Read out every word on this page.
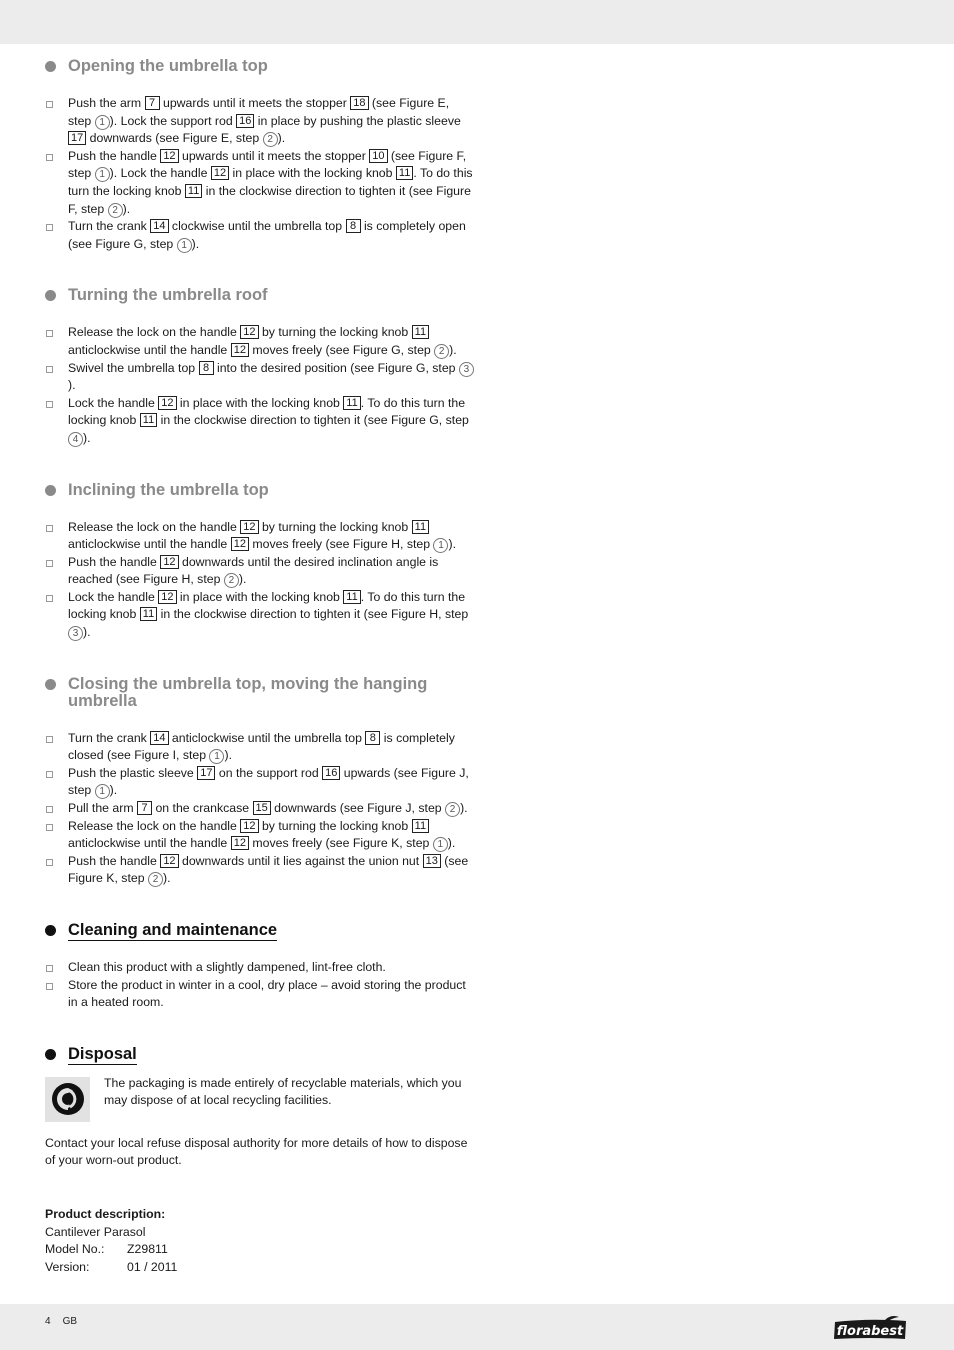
Opening the umbrella top
Push the arm 7 upwards until it meets the stopper 18 (see Figure E, step 1 ). Lock the support rod 16 in place by pushing the plastic sleeve 17 downwards (see Figure E, step 2 ).
Push the handle 12 upwards until it meets the stopper 10 (see Figure F, step 1 ). Lock the handle 12 in place with the locking knob 11 . To do this turn the locking knob 11 in the clockwise direction to tighten it (see Figure F, step 2 ).
Turn the crank 14 clockwise until the umbrella top 8 is completely open (see Figure G, step 1 ).
Turning the umbrella roof
Release the lock on the handle 12 by turning the locking knob 11 anticlockwise until the handle 12 moves freely (see Figure G, step 2 ).
Swivel the umbrella top 8 into the desired position (see Figure G, step 3).
Lock the handle 12 in place with the locking knob 11 . To do this turn the locking knob 11 in the clockwise direction to tighten it (see Figure G, step 4 ).
Inclining the umbrella top
Release the lock on the handle 12 by turning the locking knob 11 anticlockwise until the handle 12 moves freely (see Figure H, step 1 ).
Push the handle 12 downwards until the desired inclination angle is reached (see Figure H, step 2 ).
Lock the handle 12 in place with the locking knob 11 . To do this turn the locking knob 11 in the clockwise direction to tighten it (see Figure H, step 3 ).
Closing the umbrella top, moving the hanging umbrella
Turn the crank 14 anticlockwise until the umbrella top 8 is completely closed (see Figure I, step 1 ).
Push the plastic sleeve 17 on the support rod 16 upwards (see Figure J, step 1 ).
Pull the arm 7 on the crankcase 15 downwards (see Figure J, step 2 ).
Release the lock on the handle 12 by turning the locking knob 11 anticlockwise until the handle 12 moves freely (see Figure K, step 1 ).
Push the handle 12 downwards until it lies against the union nut 13 (see Figure K, step 2 ).
Cleaning and maintenance
Clean this product with a slightly dampened, lint-free cloth.
Store the product in winter in a cool, dry place – avoid storing the product in a heated room.
Disposal
The packaging is made entirely of recyclable materials, which you may dispose of at local recycling facilities.

Contact your local refuse disposal authority for more details of how to dispose of your worn-out product.

Product description:
Cantilever Parasol
Model No.:	Z29811
Version:	01 / 2011
4 GB
florabest
